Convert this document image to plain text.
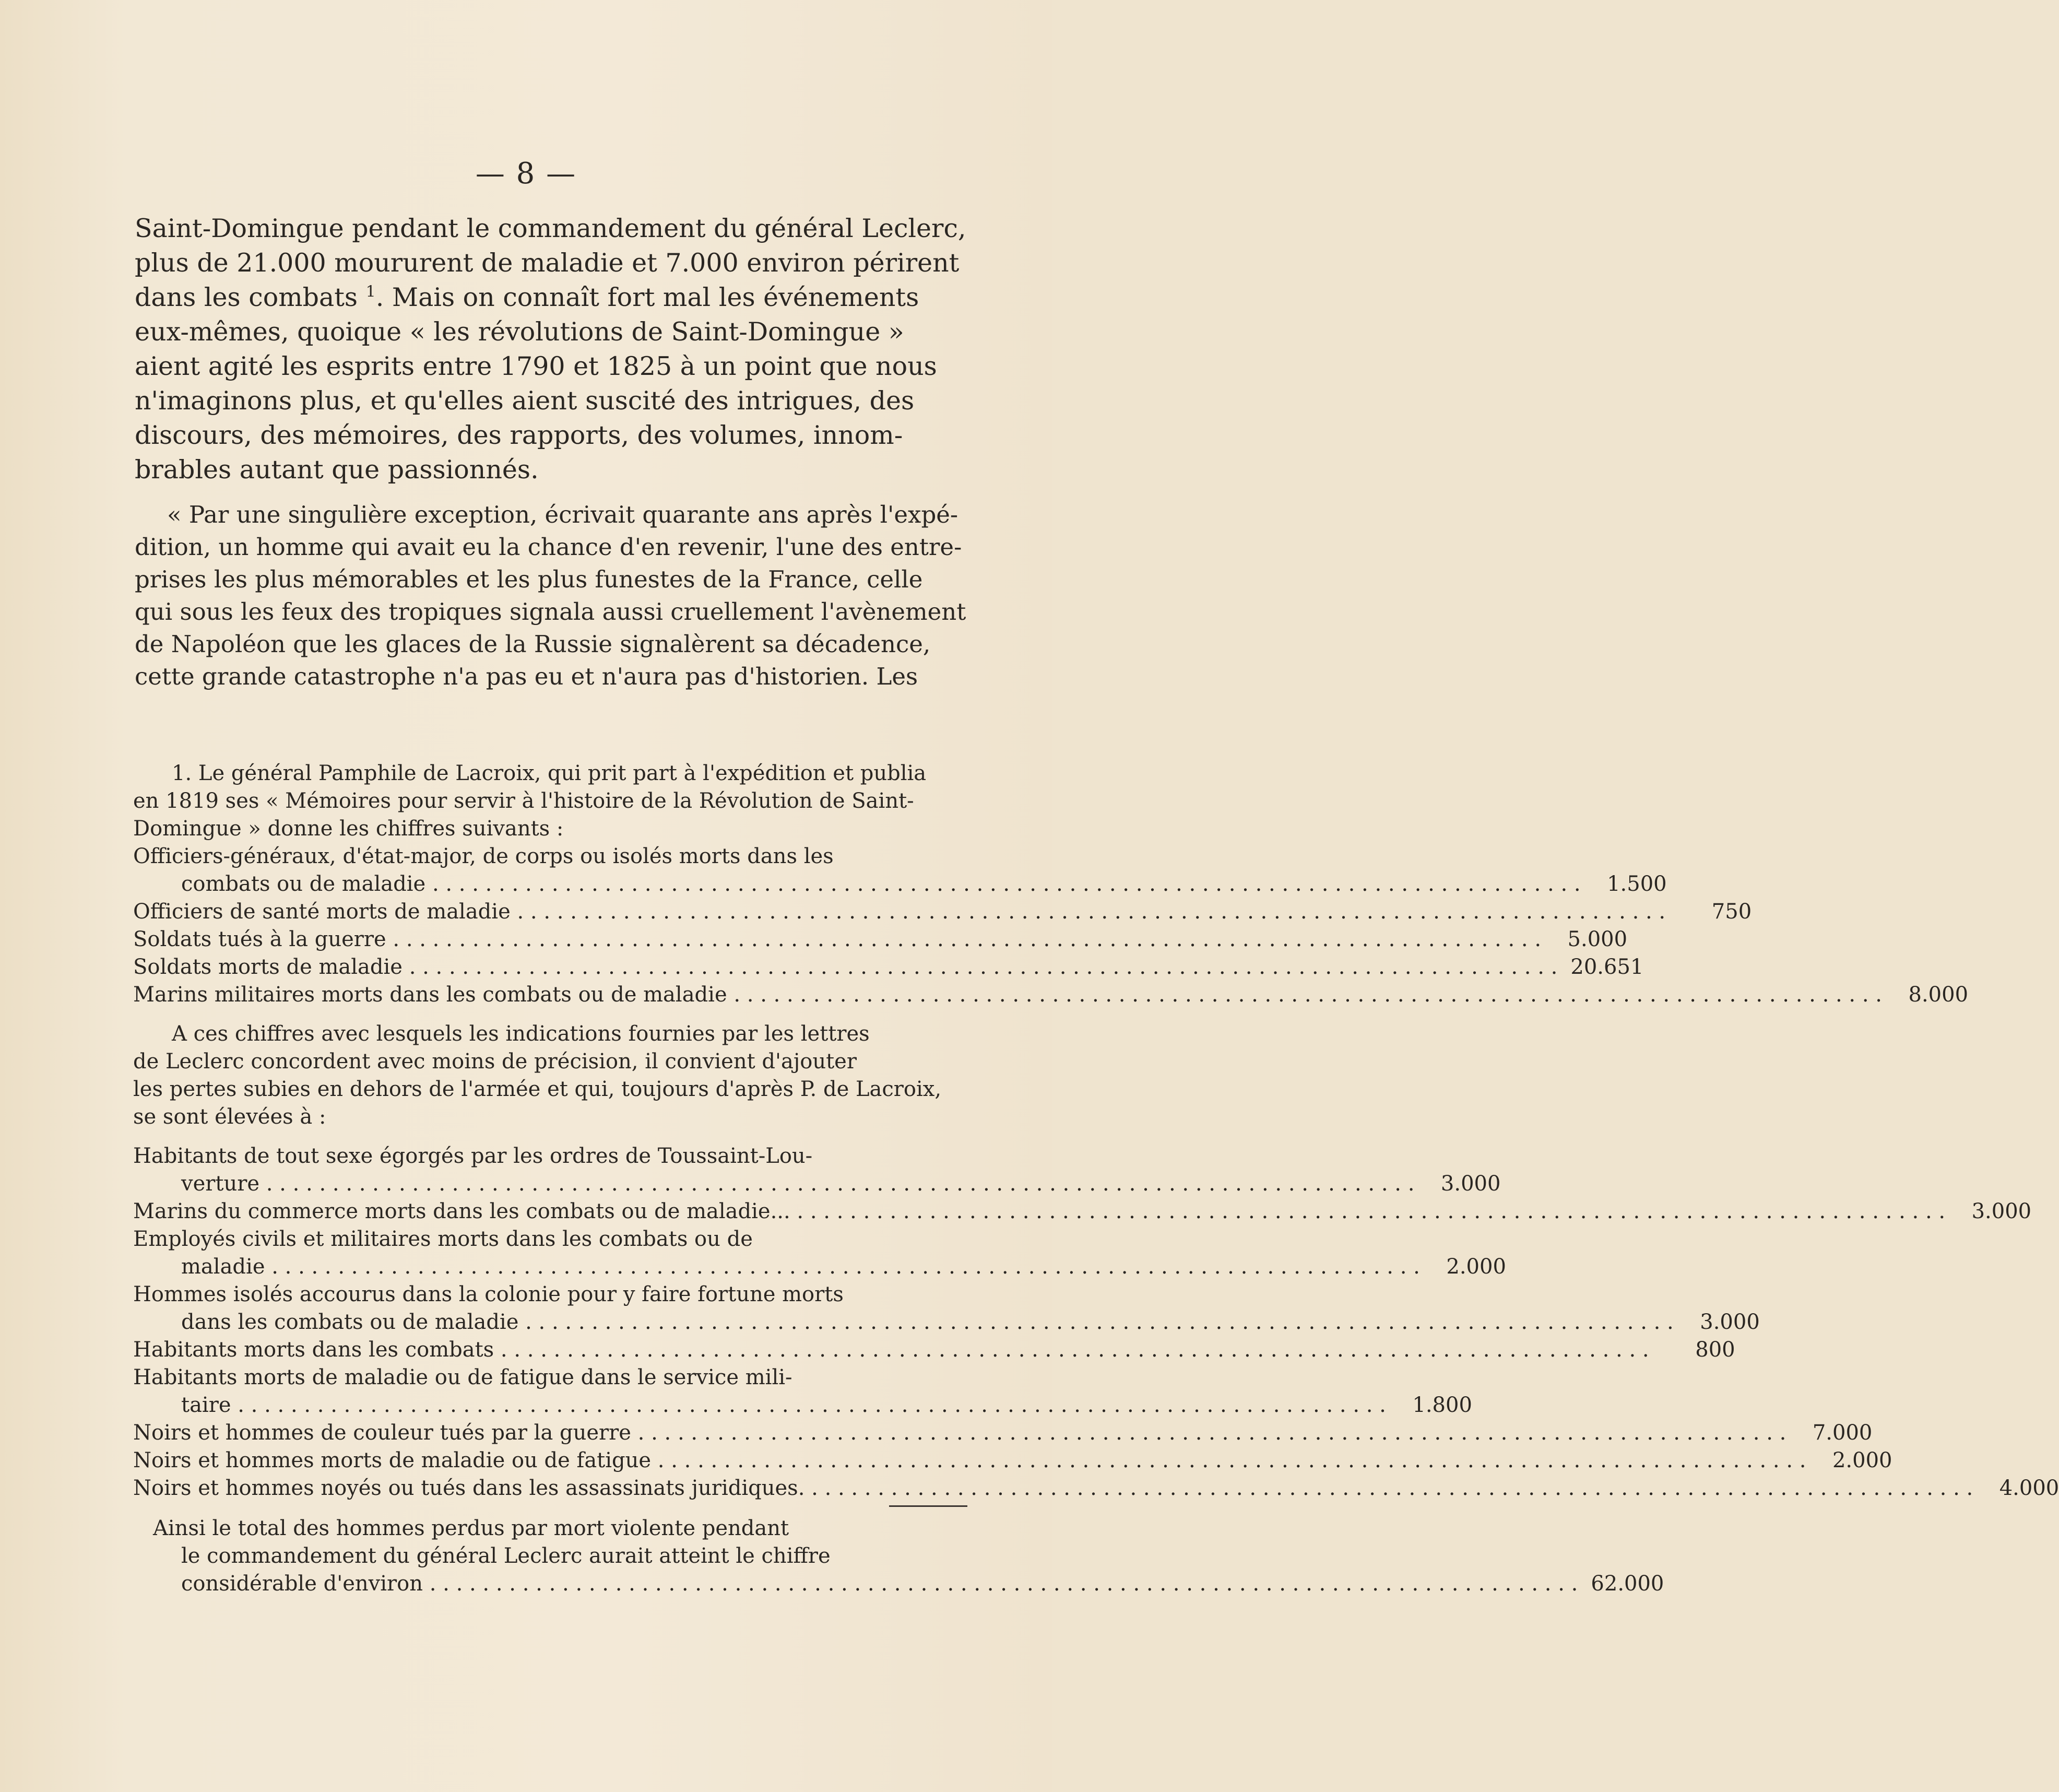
— 8 —

Saint-Domingue pendant le commandement du général Leclerc,

plus de 21.000 moururent de maladie et 7.000 environ périrent

dans les combats $^1$. Mais on connaît fort mal les événements

eux-mêmes, quoique « les révolutions de Saint-Domingue »

aient agité les esprits entre 1790 et 1825 à un point que nous

n'imaginons plus, et qu'elles aient suscité des intrigues, des

discours, des mémoires, des rapports, des volumes, innom-

brables autant que passionnés.

« Par une singulière exception, écrivait quarante ans après l'expé-

dition, un homme qui avait eu la chance d'en revenir, l'une des entre-

prises les plus mémorables et les plus funestes de la France, celle

qui sous les feux des tropiques signala aussi cruellement l'avènement

de Napoléon que les glaces de la Russie signalèrent sa décadence,

cette grande catastrophe n'a pas eu et n'aura pas d'historien. Les

1. Le général Pamphile de Lacroix, qui prit part à l'expédition et publia

en 1819 ses « Mémoires pour servir à l'histoire de la Révolution de Saint-

Domingue » donne les chiffres suivants :

Officiers-généraux, d'état-major, de corps ou isolés morts dans les
combats ou de maladie . . .	1.500
Officiers de santé morts de maladie . . .	750
Soldats tués à la guerre . . .	5.000
Soldats morts de maladie . . .	20.651
Marins militaires morts dans les combats ou de maladie . . .	8.000

A ces chiffres avec lesquels les indications fournies par les lettres

de Leclerc concordent avec moins de précision, il convient d'ajouter

les pertes subies en dehors de l'armée et qui, toujours d'après P. de Lacroix,

se sont élevées à :

Habitants de tout sexe égorgés par les ordres de Toussaint-Lou-
verture . . .	3.000
Marins du commerce morts dans les combats ou de maladie... . . .	3.000
Employés civils et militaires morts dans les combats ou de
maladie . . .	2.000
Hommes isolés accourus dans la colonie pour y faire fortune morts
dans les combats ou de maladie . . .	3.000
Habitants morts dans les combats . . .	800
Habitants morts de maladie ou de fatigue dans le service mili-
taire . . .	1.800
Noirs et hommes de couleur tués par la guerre . . .	7.000
Noirs et hommes morts de maladie ou de fatigue . . .	2.000
Noirs et hommes noyés ou tués dans les assassinats juridiques. . . . .	4.000
Ainsi le total des hommes perdus par mort violente pendant
le commandement du général Leclerc aurait atteint le chiffre
considérable d'environ . . .	62.000
